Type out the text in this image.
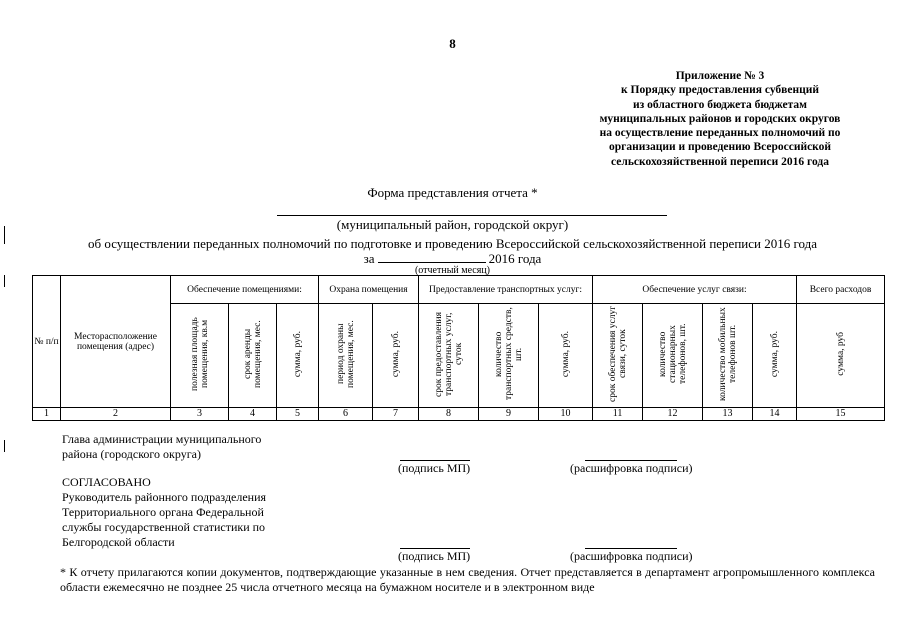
8
Приложение № 3
к Порядку предоставления субвенций
из областного бюджета бюджетам
муниципальных районов и городских округов
на осуществление переданных полномочий по
организации и проведению Всероссийской
сельскохозяйственной переписи 2016 года
Форма представления отчета *
(муниципальный район, городской округ)
об осуществлении переданных полномочий по подготовке и проведению Всероссийской сельскохозяйственной переписи 2016 года
за	2016 года
(отчетный месяц)
№ п/п	Месторасположение помещения (адрес)	Обеспечение помещениями:			Охрана помещения		Предоставление транспортных услуг:			Обеспечение услуг связи:				Всего расходов
		полезная площадь помещения, кв.м	срок аренды помещения, мес.	сумма, руб.	период охраны помещения, мес.	сумма, руб.	срок предоставления транспортных услуг, суток	количество транспортных средств, шт.	сумма, руб.	срок обеспечения услуг связи, суток	количество стационарных телефонов, шт.	количество мобильных телефонов шт.	сумма, руб.	сумма, руб
1	2	3	4	5	6	7	8	9	10	11	12	13	14	15
Глава администрации муниципального
района (городского округа)
(подпись МП)	(расшифровка подписи)
СОГЛАСОВАНО
Руководитель районного подразделения
Территориального органа Федеральной
службы государственной статистики по
Белгородской области
(подпись МП)	(расшифровка подписи)
* К отчету прилагаются копии документов, подтверждающие указанные в нем сведения. Отчет представляется в департамент агропромышленного комплекса области ежемесячно не позднее 25 числа отчетного месяца на бумажном носителе и в электронном виде
